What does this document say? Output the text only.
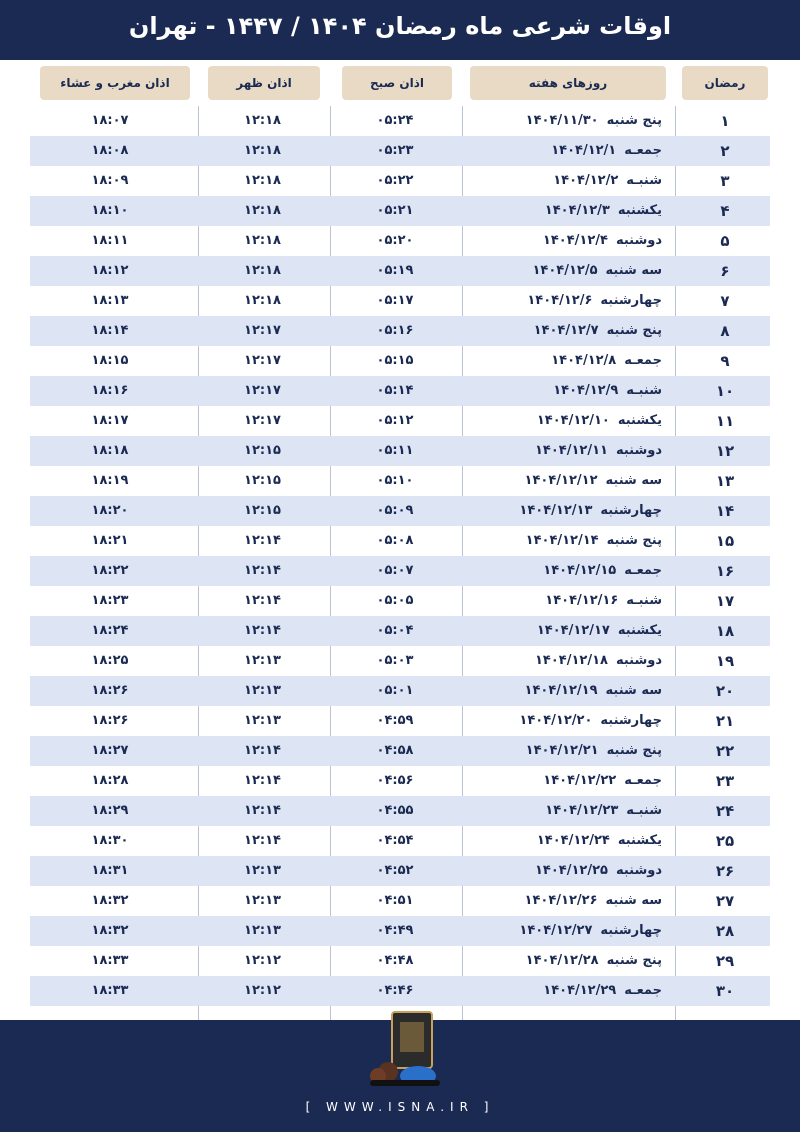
اوقات شرعی ماه رمضان ۱۴۰۴ / ۱۴۴۷ - تهران
رمضان
روزهای هفته
اذان صبح
اذان ظهر
اذان مغرب و عشاء
۱
پنج شنبه۱۴۰۴/۱۱/۳۰
۰۵:۲۴
۱۲:۱۸
۱۸:۰۷
۲
جمعـه۱۴۰۴/۱۲/۱
۰۵:۲۳
۱۲:۱۸
۱۸:۰۸
۳
شنبـه۱۴۰۴/۱۲/۲
۰۵:۲۲
۱۲:۱۸
۱۸:۰۹
۴
یکشنبه۱۴۰۴/۱۲/۳
۰۵:۲۱
۱۲:۱۸
۱۸:۱۰
۵
دوشنبه۱۴۰۴/۱۲/۴
۰۵:۲۰
۱۲:۱۸
۱۸:۱۱
۶
سه شنبه۱۴۰۴/۱۲/۵
۰۵:۱۹
۱۲:۱۸
۱۸:۱۲
۷
چهارشنبه۱۴۰۴/۱۲/۶
۰۵:۱۷
۱۲:۱۸
۱۸:۱۳
۸
پنج شنبه۱۴۰۴/۱۲/۷
۰۵:۱۶
۱۲:۱۷
۱۸:۱۴
۹
جمعـه۱۴۰۴/۱۲/۸
۰۵:۱۵
۱۲:۱۷
۱۸:۱۵
۱۰
شنبـه۱۴۰۴/۱۲/۹
۰۵:۱۴
۱۲:۱۷
۱۸:۱۶
۱۱
یکشنبه۱۴۰۴/۱۲/۱۰
۰۵:۱۲
۱۲:۱۷
۱۸:۱۷
۱۲
دوشنبه۱۴۰۴/۱۲/۱۱
۰۵:۱۱
۱۲:۱۵
۱۸:۱۸
۱۳
سه شنبه۱۴۰۴/۱۲/۱۲
۰۵:۱۰
۱۲:۱۵
۱۸:۱۹
۱۴
چهارشنبه۱۴۰۴/۱۲/۱۳
۰۵:۰۹
۱۲:۱۵
۱۸:۲۰
۱۵
پنج شنبه۱۴۰۴/۱۲/۱۴
۰۵:۰۸
۱۲:۱۴
۱۸:۲۱
۱۶
جمعـه۱۴۰۴/۱۲/۱۵
۰۵:۰۷
۱۲:۱۴
۱۸:۲۲
۱۷
شنبـه۱۴۰۴/۱۲/۱۶
۰۵:۰۵
۱۲:۱۴
۱۸:۲۳
۱۸
یکشنبه۱۴۰۴/۱۲/۱۷
۰۵:۰۴
۱۲:۱۴
۱۸:۲۴
۱۹
دوشنبه۱۴۰۴/۱۲/۱۸
۰۵:۰۳
۱۲:۱۳
۱۸:۲۵
۲۰
سه شنبه۱۴۰۴/۱۲/۱۹
۰۵:۰۱
۱۲:۱۳
۱۸:۲۶
۲۱
چهارشنبه۱۴۰۴/۱۲/۲۰
۰۴:۵۹
۱۲:۱۳
۱۸:۲۶
۲۲
پنج شنبه۱۴۰۴/۱۲/۲۱
۰۴:۵۸
۱۲:۱۴
۱۸:۲۷
۲۳
جمعـه۱۴۰۴/۱۲/۲۲
۰۴:۵۶
۱۲:۱۴
۱۸:۲۸
۲۴
شنبـه۱۴۰۴/۱۲/۲۳
۰۴:۵۵
۱۲:۱۴
۱۸:۲۹
۲۵
یکشنبه۱۴۰۴/۱۲/۲۴
۰۴:۵۴
۱۲:۱۴
۱۸:۳۰
۲۶
دوشنبه۱۴۰۴/۱۲/۲۵
۰۴:۵۲
۱۲:۱۳
۱۸:۳۱
۲۷
سه شنبه۱۴۰۴/۱۲/۲۶
۰۴:۵۱
۱۲:۱۳
۱۸:۳۲
۲۸
چهارشنبه۱۴۰۴/۱۲/۲۷
۰۴:۴۹
۱۲:۱۳
۱۸:۳۲
۲۹
پنج شنبه۱۴۰۴/۱۲/۲۸
۰۴:۴۸
۱۲:۱۲
۱۸:۳۳
۳۰
جمعـه۱۴۰۴/۱۲/۲۹
۰۴:۴۶
۱۲:۱۲
۱۸:۳۳
[ WWW.ISNA.IR ]
